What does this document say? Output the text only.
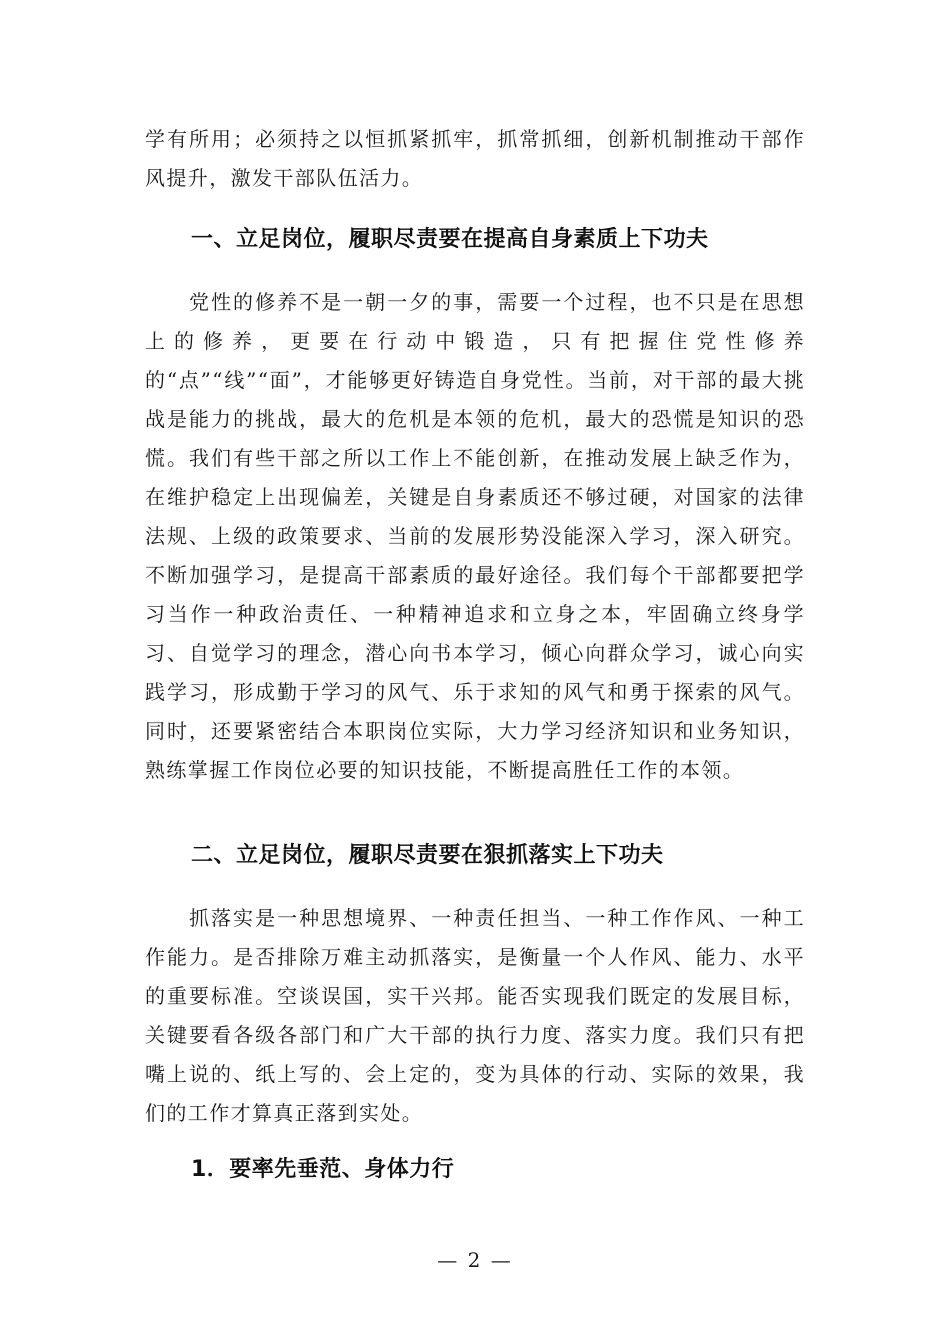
学有所用；必须持之以恒抓紧抓牢，抓常抓细，创新机制推动干部作风提升，激发干部队伍活力。

一、立足岗位，履职尽责要在提高自身素质上下功夫

党性的修养不是一朝一夕的事，需要一个过程，也不只是在思想上的修养，更要在行动中锻造，只有把握住党性修养的“点”“线”“面”，才能够更好铸造自身党性。当前，对干部的最大挑战是能力的挑战，最大的危机是本领的危机，最大的恐慌是知识的恐慌。我们有些干部之所以工作上不能创新，在推动发展上缺乏作为，在维护稳定上出现偏差，关键是自身素质还不够过硬，对国家的法律法规、上级的政策要求、当前的发展形势没能深入学习，深入研究。不断加强学习，是提高干部素质的最好途径。我们每个干部都要把学习当作一种政治责任、一种精神追求和立身之本，牢固确立终身学习、自觉学习的理念，潜心向书本学习，倾心向群众学习，诚心向实践学习，形成勤于学习的风气、乐于求知的风气和勇于探索的风气。同时，还要紧密结合本职岗位实际，大力学习经济知识和业务知识，熟练掌握工作岗位必要的知识技能，不断提高胜任工作的本领。

二、立足岗位，履职尽责要在狠抓落实上下功夫

抓落实是一种思想境界、一种责任担当、一种工作作风、一种工作能力。是否排除万难主动抓落实，是衡量一个人作风、能力、水平的重要标准。空谈误国，实干兴邦。能否实现我们既定的发展目标，关键要看各级各部门和广大干部的执行力度、落实力度。我们只有把嘴上说的、纸上写的、会上定的，变为具体的行动、实际的效果，我们的工作才算真正落到实处。

1．要率先垂范、身体力行
— 2 —
